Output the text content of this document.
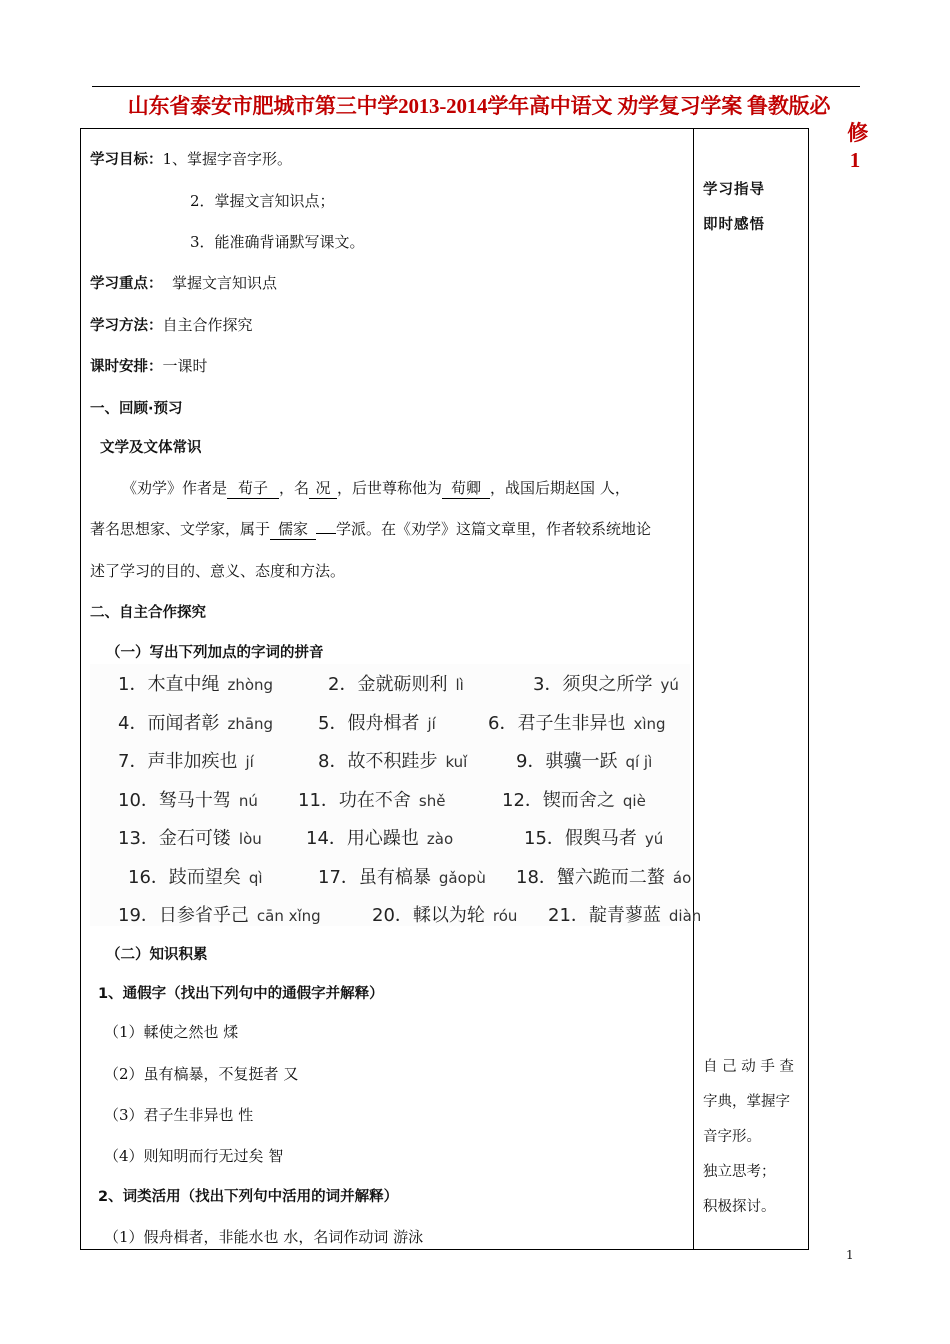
山东省泰安市肥城市第三中学2013-2014学年高中语文 劝学复习学案 鲁教版必
修
1
学习目标：1、掌握字音字形。
2．掌握文言知识点；
3．能准确背诵默写课文。
学习重点： 掌握文言知识点
学习方法：自主合作探究
课时安排：一课时
一、回顾·预习
文学及文体常识
《劝学》作者是 荀子 ，名 况 ，后世尊称他为 荀卿 ，战国后期赵国 人，
著名思想家、文学家，属于 儒家 学派。在《劝学》这篇文章里，作者较系统地论
述了学习的目的、意义、态度和方法。
二、自主合作探究
（一）写出下列加点的字词的拼音
1．木直中绳 zhòng	2．金就砺则利 lì	3．须臾之所学 yú
4．而闻者彰 zhāng 5．假舟楫者 jí	6．君子生非异也 xìng
7．声非加疾也 jí	8．故不积跬步 kuǐ	9．骐骥一跃 qí jì
10．驽马十驾 nú 11．功在不舍 shě	12．锲而舍之 qiè
13．金石可镂 lòu 14．用心躁也 zào	15．假舆马者 yú
16．跂而望矣 qì	17．虽有槁暴 gǎopù 18．蟹六跪而二螯 áo
19．日参省乎己 cān xǐng	20．輮以为轮 róu 21．靛青蓼蓝 diàn
（二）知识积累
1、通假字（找出下列句中的通假字并解释）
（1）輮使之然也 煣
（2）虽有槁暴，不复挺者 又
（3）君子生非异也 性
（4）则知明而行无过矣 智
2、词类活用（找出下列句中活用的词并解释）
（1）假舟楫者，非能水也 水，名词作动词 游泳
学习指导
即时感悟
自 己 动 手 查
字典，掌握字
音字形。
独立思考；
积极探讨。
1
